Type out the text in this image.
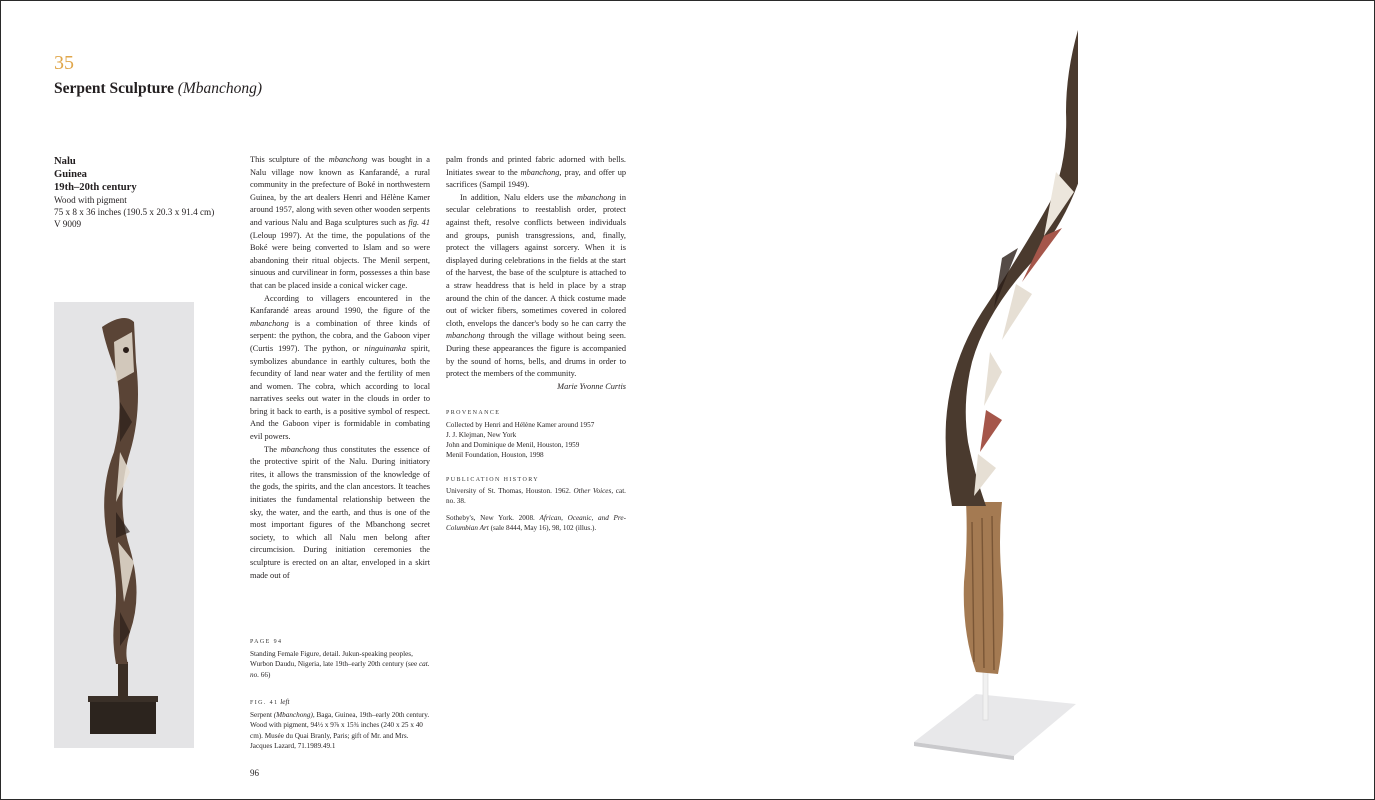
35
Serpent Sculpture (Mbanchong)
Nalu
Guinea
19th–20th century
Wood with pigment
75 x 8 x 36 inches (190.5 x 20.3 x 91.4 cm)
V 9009

This sculpture of the mbanchong was bought in a Nalu village now known as Kanfarandé, a rural community in the prefecture of Boké in northwestern Guinea, by the art dealers Henri and Hélène Kamer around 1957, along with seven other wooden serpents and various Nalu and Baga sculptures such as fig. 41 (Leloup 1997). At the time, the populations of the Boké were being converted to Islam and so were abandoning their ritual objects. The Menil serpent, sinuous and curvilinear in form, possesses a thin base that can be placed inside a conical wicker cage.

According to villagers encountered in the Kanfarandé areas around 1990, the figure of the mbanchong is a combination of three kinds of serpent: the python, the cobra, and the Gaboon viper (Curtis 1997). The python, or ninguinanka spirit, symbolizes abundance in earthly cultures, both the fecundity of land near water and the fertility of men and women. The cobra, which according to local narratives seeks out water in the clouds in order to bring it back to earth, is a positive symbol of respect. And the Gaboon viper is formidable in combating evil powers.

The mbanchong thus constitutes the essence of the protective spirit of the Nalu. During initiatory rites, it allows the transmission of the knowledge of the gods, the spirits, and the clan ancestors. It teaches initiates the fundamental relationship between the sky, the water, and the earth, and thus is one of the most important figures of the Mbanchong secret society, to which all Nalu men belong after circumcision. During initiation ceremonies the sculpture is erected on an altar, enveloped in a skirt made out of

palm fronds and printed fabric adorned with bells. Initiates swear to the mbanchong, pray, and offer up sacrifices (Sampil 1949).

In addition, Nalu elders use the mbanchong in secular celebrations to reestablish order, protect against theft, resolve conflicts between individuals and groups, punish transgressions, and, finally, protect the villagers against sorcery. When it is displayed during celebrations in the fields at the start of the harvest, the base of the sculpture is attached to a straw headdress that is held in place by a strap around the chin of the dancer. A thick costume made out of wicker fibers, sometimes covered in colored cloth, envelops the dancer's body so he can carry the mbanchong through the village without being seen. During these appearances the figure is accompanied by the sound of horns, bells, and drums in order to protect the members of the community.

Marie Yvonne Curtis

PROVENANCE

Collected by Henri and Hélène Kamer around 1957
J. J. Klejman, New York
John and Dominique de Menil, Houston, 1959
Menil Foundation, Houston, 1998

PUBLICATION HISTORY

University of St. Thomas, Houston. 1962. Other Voices, cat. no. 38.
Sotheby's, New York. 2008. African, Oceanic, and Pre-Columbian Art (sale 8444, May 16), 98, 102 (illus.).
PAGE 94
Standing Female Figure, detail. Jukun-speaking peoples, Wurbon Daudu, Nigeria, late 19th–early 20th century (see cat. no. 66)
FIG. 41 left
Serpent (Mbanchong), Baga, Guinea, 19th–early 20th century. Wood with pigment, 94½ x 9⅞ x 15¾ inches (240 x 25 x 40 cm). Musée du Quai Branly, Paris; gift of Mr. and Mrs. Jacques Lazard, 71.1989.49.1
96
